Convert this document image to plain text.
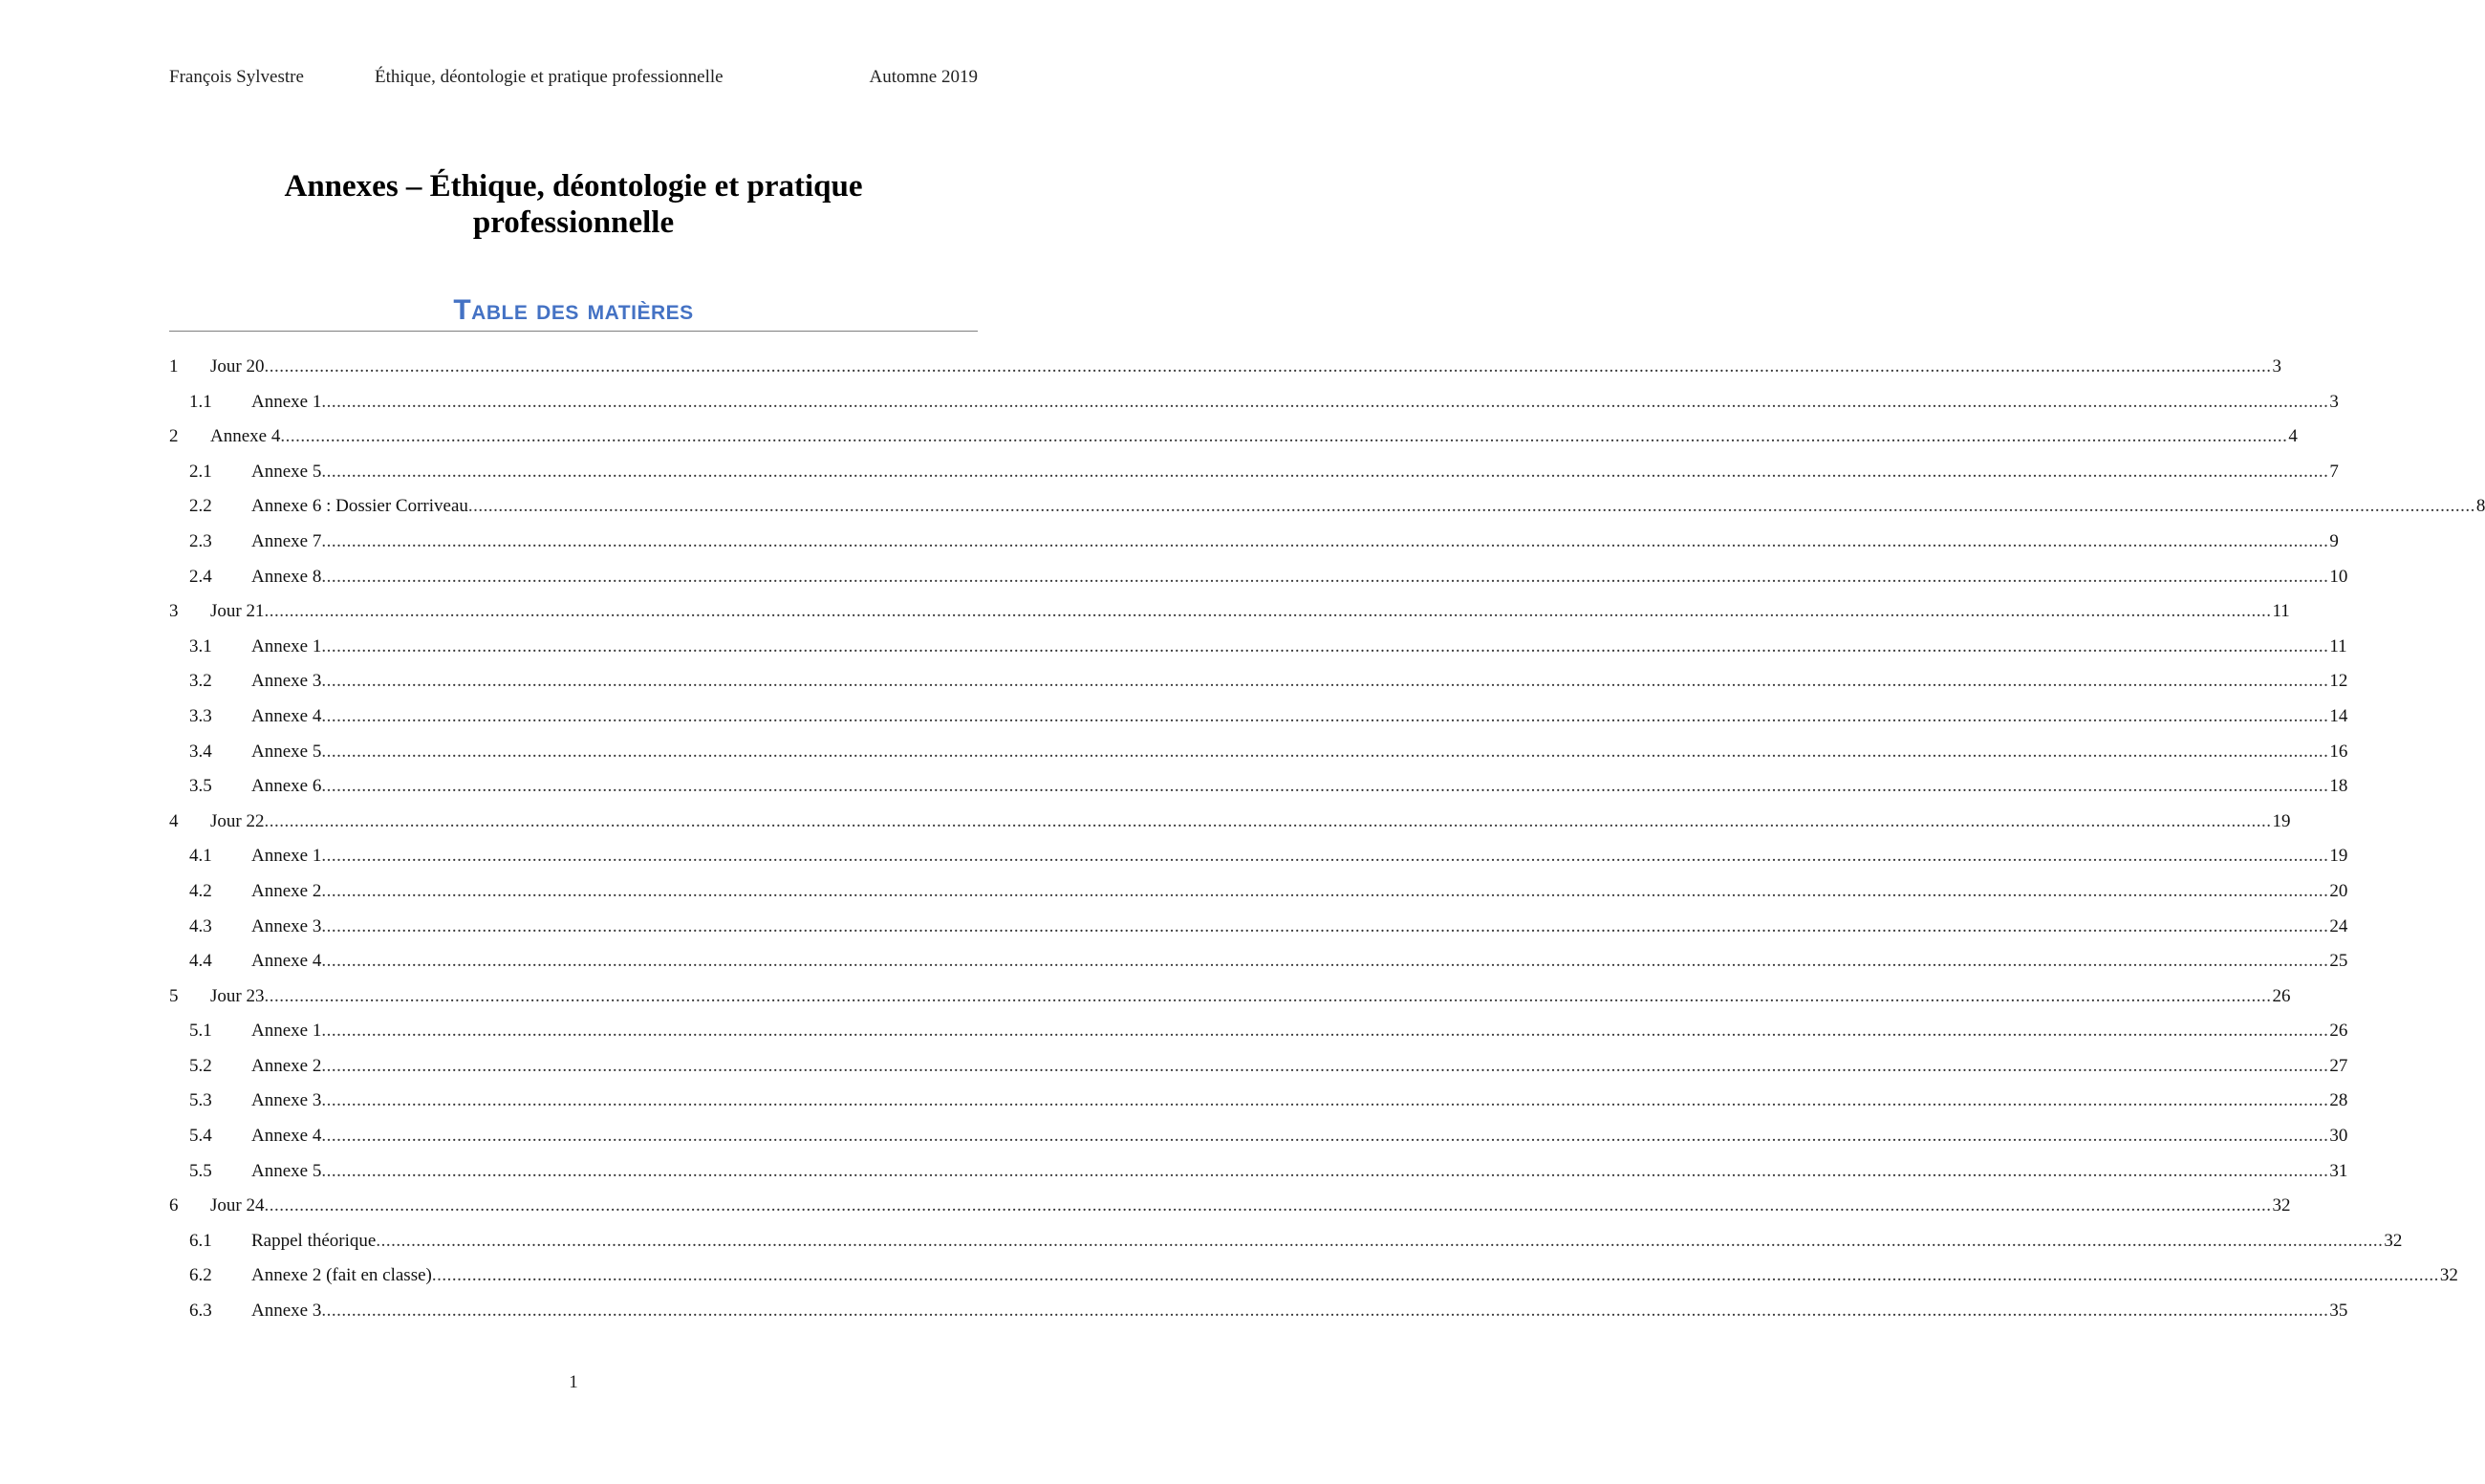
François Sylvestre	Éthique, déontologie et pratique professionnelle	Automne 2019
Annexes – Éthique, déontologie et pratique
professionnelle
Table des matières
1 Jour 20 ................................................................................................................................................................................................................................................................................................................................................................................................................ 3
1.1 Annexe 1 ................................................................................................................................................................................................................................................................................................................................................................................................................ 3
2 Annexe 4 ................................................................................................................................................................................................................................................................................................................................................................................................................ 4
2.1 Annexe 5 ................................................................................................................................................................................................................................................................................................................................................................................................................ 7
2.2 Annexe 6 : Dossier Corriveau ................................................................................................................................................................................................................................................................................................................................................................................................................ 8
2.3 Annexe 7 ................................................................................................................................................................................................................................................................................................................................................................................................................ 9
2.4 Annexe 8 ................................................................................................................................................................................................................................................................................................................................................................................................................ 10
3 Jour 21 ................................................................................................................................................................................................................................................................................................................................................................................................................ 11
3.1 Annexe 1 ................................................................................................................................................................................................................................................................................................................................................................................................................ 11
3.2 Annexe 3 ................................................................................................................................................................................................................................................................................................................................................................................................................ 12
3.3 Annexe 4 ................................................................................................................................................................................................................................................................................................................................................................................................................ 14
3.4 Annexe 5 ................................................................................................................................................................................................................................................................................................................................................................................................................ 16
3.5 Annexe 6 ................................................................................................................................................................................................................................................................................................................................................................................................................ 18
4 Jour 22 ................................................................................................................................................................................................................................................................................................................................................................................................................ 19
4.1 Annexe 1 ................................................................................................................................................................................................................................................................................................................................................................................................................ 19
4.2 Annexe 2 ................................................................................................................................................................................................................................................................................................................................................................................................................ 20
4.3 Annexe 3 ................................................................................................................................................................................................................................................................................................................................................................................................................ 24
4.4 Annexe 4 ................................................................................................................................................................................................................................................................................................................................................................................................................ 25
5 Jour 23 ................................................................................................................................................................................................................................................................................................................................................................................................................ 26
5.1 Annexe 1 ................................................................................................................................................................................................................................................................................................................................................................................................................ 26
5.2 Annexe 2 ................................................................................................................................................................................................................................................................................................................................................................................................................ 27
5.3 Annexe 3 ................................................................................................................................................................................................................................................................................................................................................................................................................ 28
5.4 Annexe 4 ................................................................................................................................................................................................................................................................................................................................................................................................................ 30
5.5 Annexe 5 ................................................................................................................................................................................................................................................................................................................................................................................................................ 31
6 Jour 24 ................................................................................................................................................................................................................................................................................................................................................................................................................ 32
6.1 Rappel théorique ................................................................................................................................................................................................................................................................................................................................................................................................................ 32
6.2 Annexe 2 (fait en classe) ................................................................................................................................................................................................................................................................................................................................................................................................................ 32
6.3 Annexe 3 ................................................................................................................................................................................................................................................................................................................................................................................................................ 35
1
